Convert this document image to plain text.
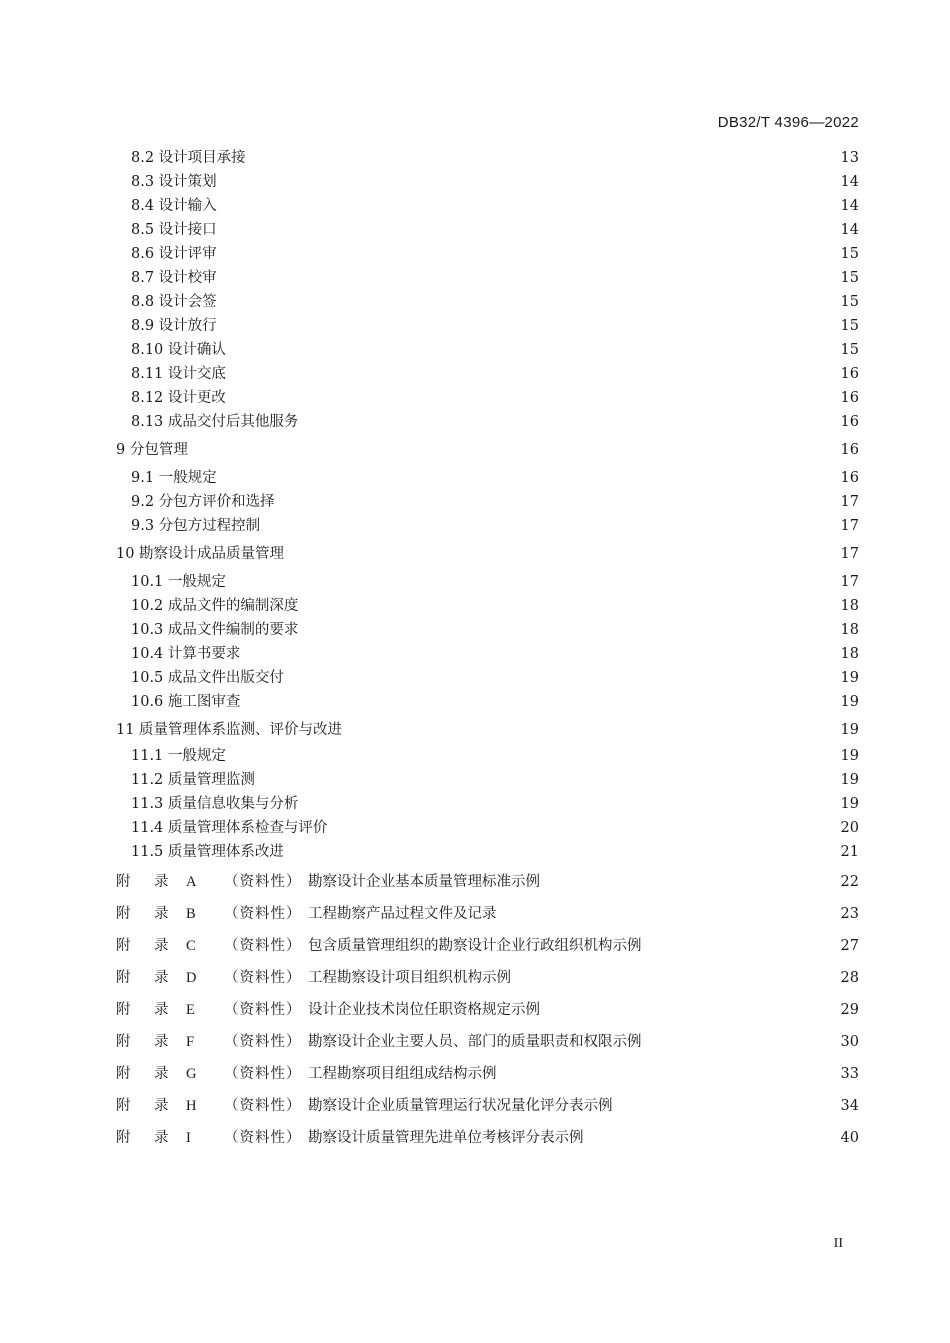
DB32/T 4396—2022
8.2 设计项目承接	13
8.3 设计策划	14
8.4 设计输入	14
8.5 设计接口	14
8.6 设计评审	15
8.7 设计校审	15
8.8 设计会签	15
8.9 设计放行	15
8.10 设计确认	15
8.11 设计交底	16
8.12 设计更改	16
8.13 成品交付后其他服务	16
9 分包管理	16
9.1 一般规定	16
9.2 分包方评价和选择	17
9.3 分包方过程控制	17
10 勘察设计成品质量管理	17
10.1 一般规定	17
10.2 成品文件的编制深度	18
10.3 成品文件编制的要求	18
10.4 计算书要求	18
10.5 成品文件出版交付	19
10.6 施工图审查	19
11 质量管理体系监测、评价与改进	19
11.1 一般规定	19
11.2 质量管理监测	19
11.3 质量信息收集与分析	19
11.4 质量管理体系检查与评价	20
11.5 质量管理体系改进	21
附	录	A	（资料性） 勘察设计企业基本质量管理标准示例	22
附	录	B	（资料性） 工程勘察产品过程文件及记录	23
附	录	C	（资料性） 包含质量管理组织的勘察设计企业行政组织机构示例	27
附	录	D	（资料性） 工程勘察设计项目组织机构示例	28
附	录	E	（资料性） 设计企业技术岗位任职资格规定示例	29
附	录	F	（资料性） 勘察设计企业主要人员、部门的质量职责和权限示例	30
附	录	G	（资料性） 工程勘察项目组组成结构示例	33
附	录	H	（资料性） 勘察设计企业质量管理运行状况量化评分表示例	34
附	录	I	（资料性） 勘察设计质量管理先进单位考核评分表示例	40
II
